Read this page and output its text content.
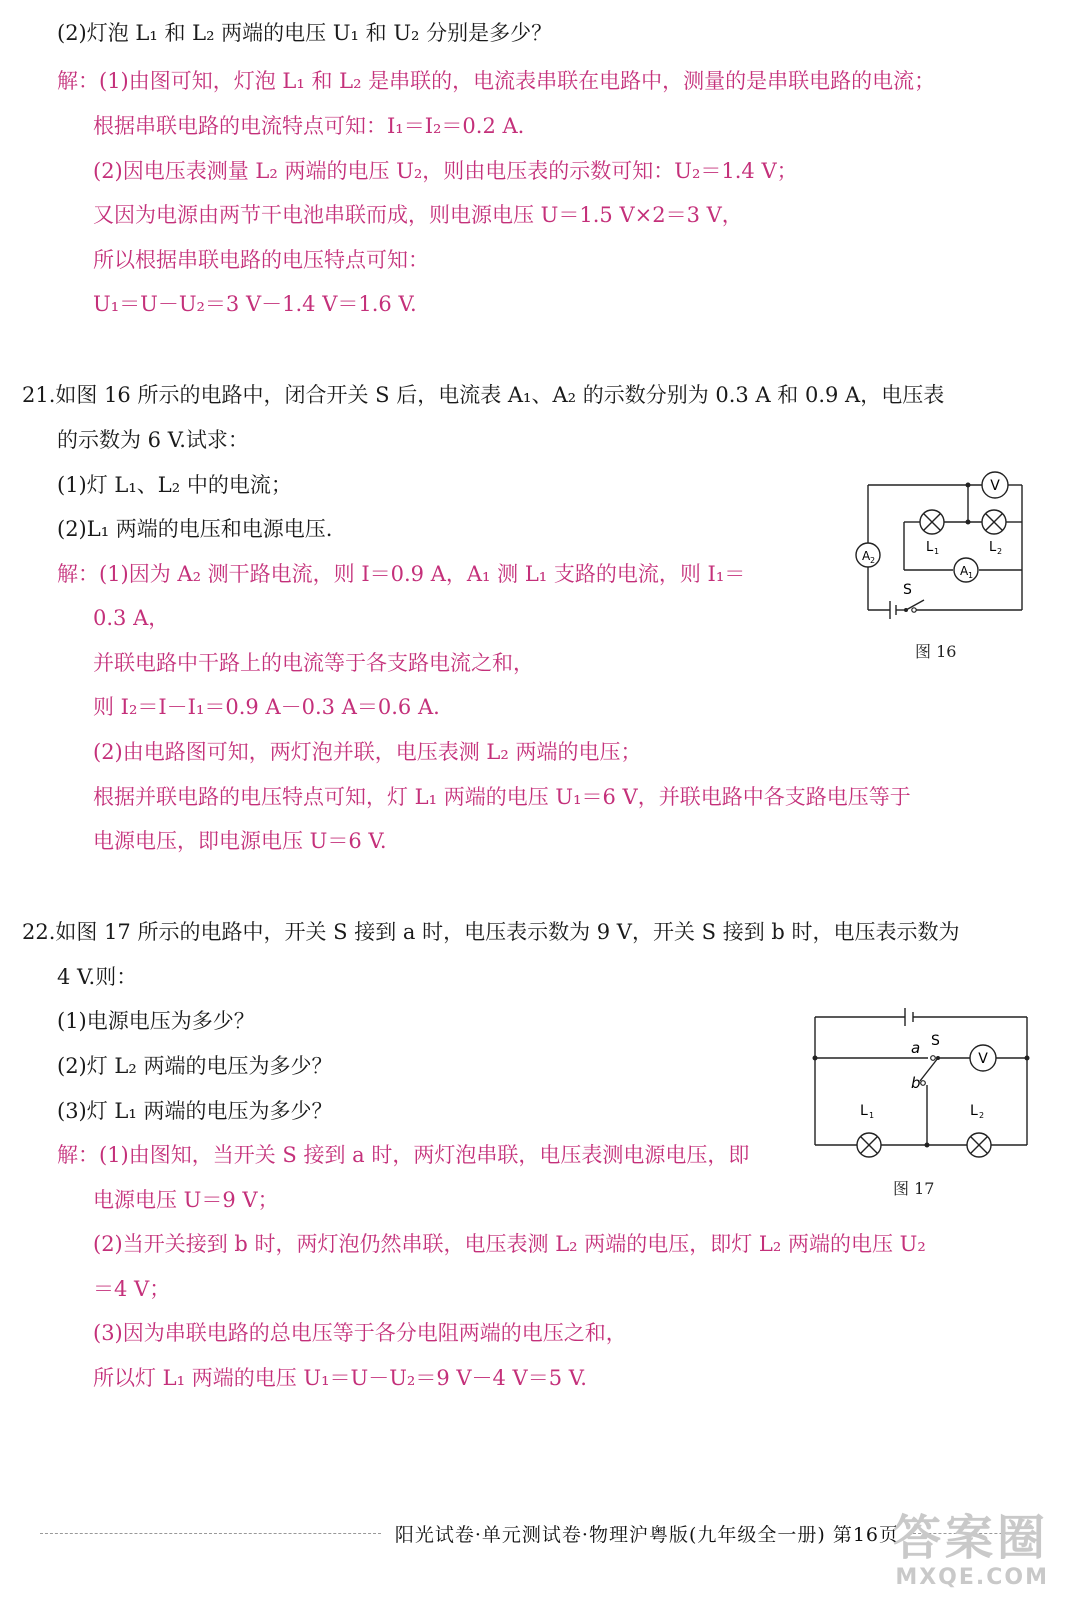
(2)灯泡 L₁ 和 L₂ 两端的电压 U₁ 和 U₂ 分别是多少？
解：(1)由图可知，灯泡 L₁ 和 L₂ 是串联的，电流表串联在电路中，测量的是串联电路的电流；
根据串联电路的电流特点可知：I₁＝I₂＝0.2 A.
(2)因电压表测量 L₂ 两端的电压 U₂，则由电压表的示数可知：U₂＝1.4 V；
又因为电源由两节干电池串联而成，则电源电压 U＝1.5 V×2＝3 V，
所以根据串联电路的电压特点可知：
U₁＝U－U₂＝3 V－1.4 V＝1.6 V.
21.如图 16 所示的电路中，闭合开关 S 后，电流表 A₁、A₂ 的示数分别为 0.3 A 和 0.9 A，电压表
的示数为 6 V.试求：
(1)灯 L₁、L₂ 中的电流；
(2)L₁ 两端的电压和电源电压.
解：(1)因为 A₂ 测干路电流，则 I＝0.9 A，A₁ 测 L₁ 支路的电流，则 I₁＝
0.3 A，
并联电路中干路上的电流等于各支路电流之和，
则 I₂＝I－I₁＝0.9 A－0.3 A＝0.6 A.
(2)由电路图可知，两灯泡并联，电压表测 L₂ 两端的电压；
根据并联电路的电压特点可知，灯 L₁ 两端的电压 U₁＝6 V，并联电路中各支路电压等于
电源电压，即电源电压 U＝6 V.
V
A 2
A 1
L 1	L 2
S
图 16
22.如图 17 所示的电路中，开关 S 接到 a 时，电压表示数为 9 V，开关 S 接到 b 时，电压表示数为
4 V.则：
(1)电源电压为多少？
(2)灯 L₂ 两端的电压为多少？
(3)灯 L₁ 两端的电压为多少？
解：(1)由图知，当开关 S 接到 a 时，两灯泡串联，电压表测电源电压，即
电源电压 U＝9 V；
(2)当开关接到 b 时，两灯泡仍然串联，电压表测 L₂ 两端的电压，即灯 L₂ 两端的电压 U₂
＝4 V；
(3)因为串联电路的总电压等于各分电阻两端的电压之和，
所以灯 L₁ 两端的电压 U₁＝U－U₂＝9 V－4 V＝5 V.
S
a
b
V
L 1	L 2
图 17
阳光试卷·单元测试卷·物理沪粤版(九年级全一册) 第16页
答案圈
MXQE.COM
